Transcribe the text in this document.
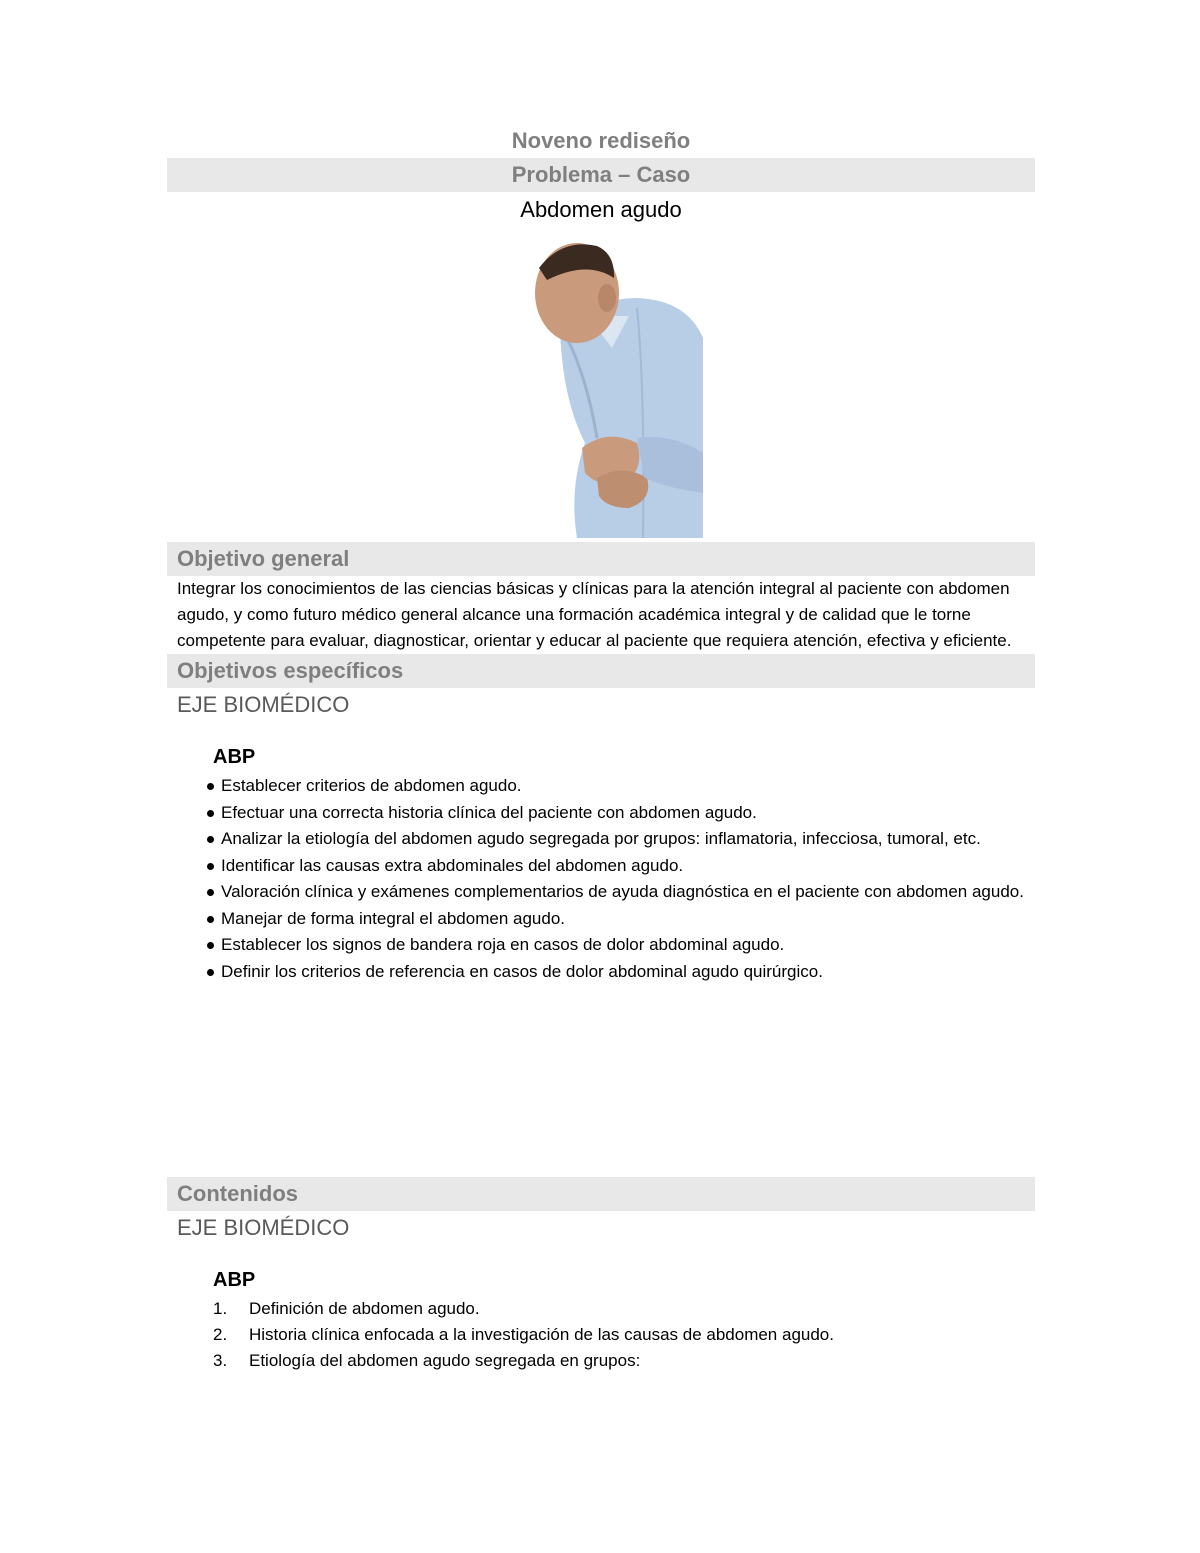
Noveno rediseño
Problema – Caso
Abdomen agudo
Objetivo general
Integrar los conocimientos de las ciencias básicas y clínicas para la atención integral al paciente con abdomen agudo, y como futuro médico general alcance una formación académica integral y de calidad que le torne competente para evaluar, diagnosticar, orientar y educar al paciente que requiera atención, efectiva y eficiente.
Objetivos específicos
EJE BIOMÉDICO
ABP
Establecer criterios de abdomen agudo.
Efectuar una correcta historia clínica del paciente con abdomen agudo.
Analizar la etiología del abdomen agudo segregada por grupos: inflamatoria, infecciosa, tumoral, etc.
Identificar las causas extra abdominales del abdomen agudo.
Valoración clínica y exámenes complementarios de ayuda diagnóstica en el paciente con abdomen agudo.
Manejar de forma integral el abdomen agudo.
Establecer los signos de bandera roja en casos de dolor abdominal agudo.
Definir los criterios de referencia en casos de dolor abdominal agudo quirúrgico.
Contenidos
EJE BIOMÉDICO
ABP
1. Definición de abdomen agudo.
2. Historia clínica enfocada a la investigación de las causas de abdomen agudo.
3. Etiología del abdomen agudo segregada en grupos:
